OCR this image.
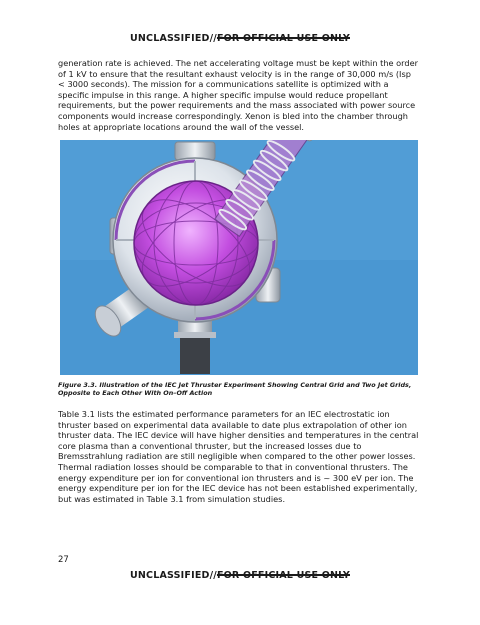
UNCLASSIFIED//FOR OFFICIAL USE ONLY
generation rate is achieved. The net accelerating voltage must be kept within the order of 1 kV to ensure that the resultant exhaust velocity is in the range of 30,000 m/s (Isp < 3000 seconds). The mission for a communications satellite is optimized with a specific impulse in this range. A higher specific impulse would reduce propellant requirements, but the power requirements and the mass associated with power source components would increase correspondingly. Xenon is bled into the chamber through holes at appropriate locations around the wall of the vessel.
Figure 3.3. Illustration of the IEC Jet Thruster Experiment Showing Central Grid and Two Jet Grids, Opposite to Each Other With On–Off Action
Table 3.1 lists the estimated performance parameters for an IEC electrostatic ion thruster based on experimental data available to date plus extrapolation of other ion thruster data. The IEC device will have higher densities and temperatures in the central core plasma than a conventional thruster, but the increased losses due to Bremsstrahlung radiation are still negligible when compared to the other power losses. Thermal radiation losses should be comparable to that in conventional thrusters. The energy expenditure per ion for conventional ion thrusters and is ~ 300 eV per ion. The energy expenditure per ion for the IEC device has not been established experimentally, but was estimated in Table 3.1 from simulation studies.
27
UNCLASSIFIED//FOR OFFICIAL USE ONLY
